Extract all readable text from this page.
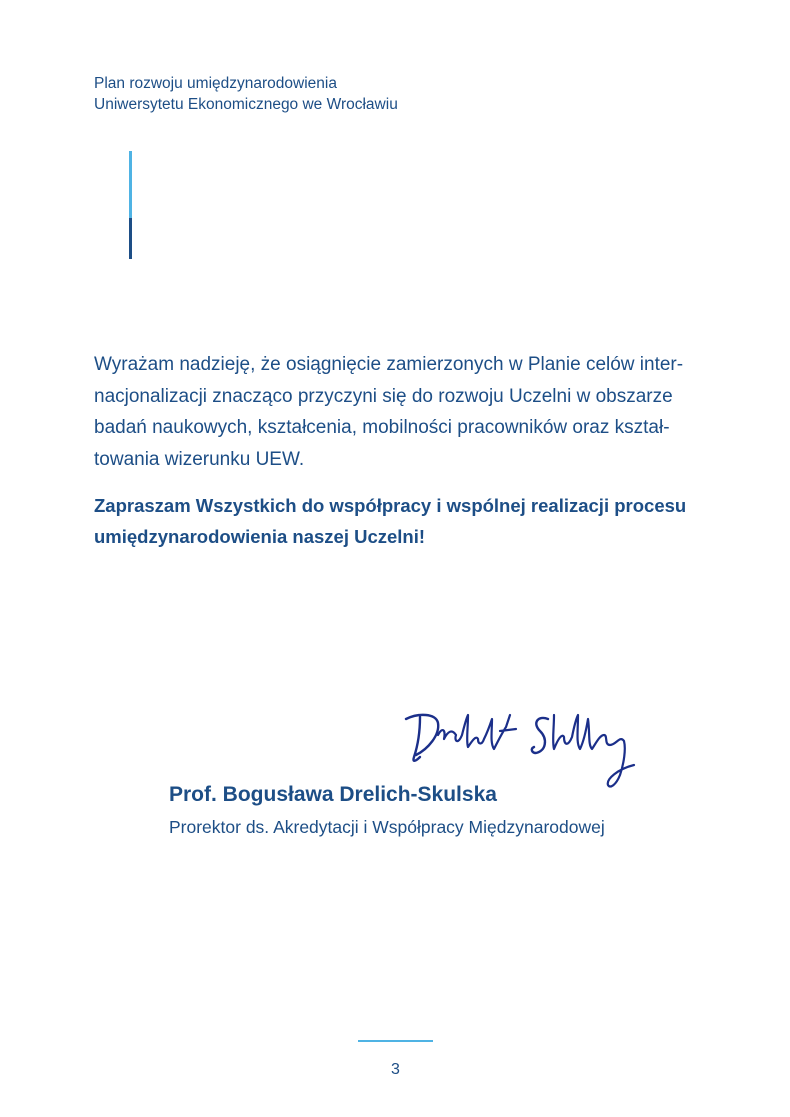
Plan rozwoju umiędzynarodowienia
Uniwersytetu Ekonomicznego we Wrocławiu
Wyrażam nadzieję, że osiągnięcie zamierzonych w Planie celów inter-
nacjonalizacji znacząco przyczyni się do rozwoju Uczelni w obszarze
badań naukowych, kształcenia, mobilności pracowników oraz kształ-
towania wizerunku UEW.
Zapraszam Wszystkich do współpracy i wspólnej realizacji procesu
umiędzynarodowienia naszej Uczelni!
Prof. Bogusława Drelich-Skulska
Prorektor ds. Akredytacji i Współpracy Międzynarodowej
3
